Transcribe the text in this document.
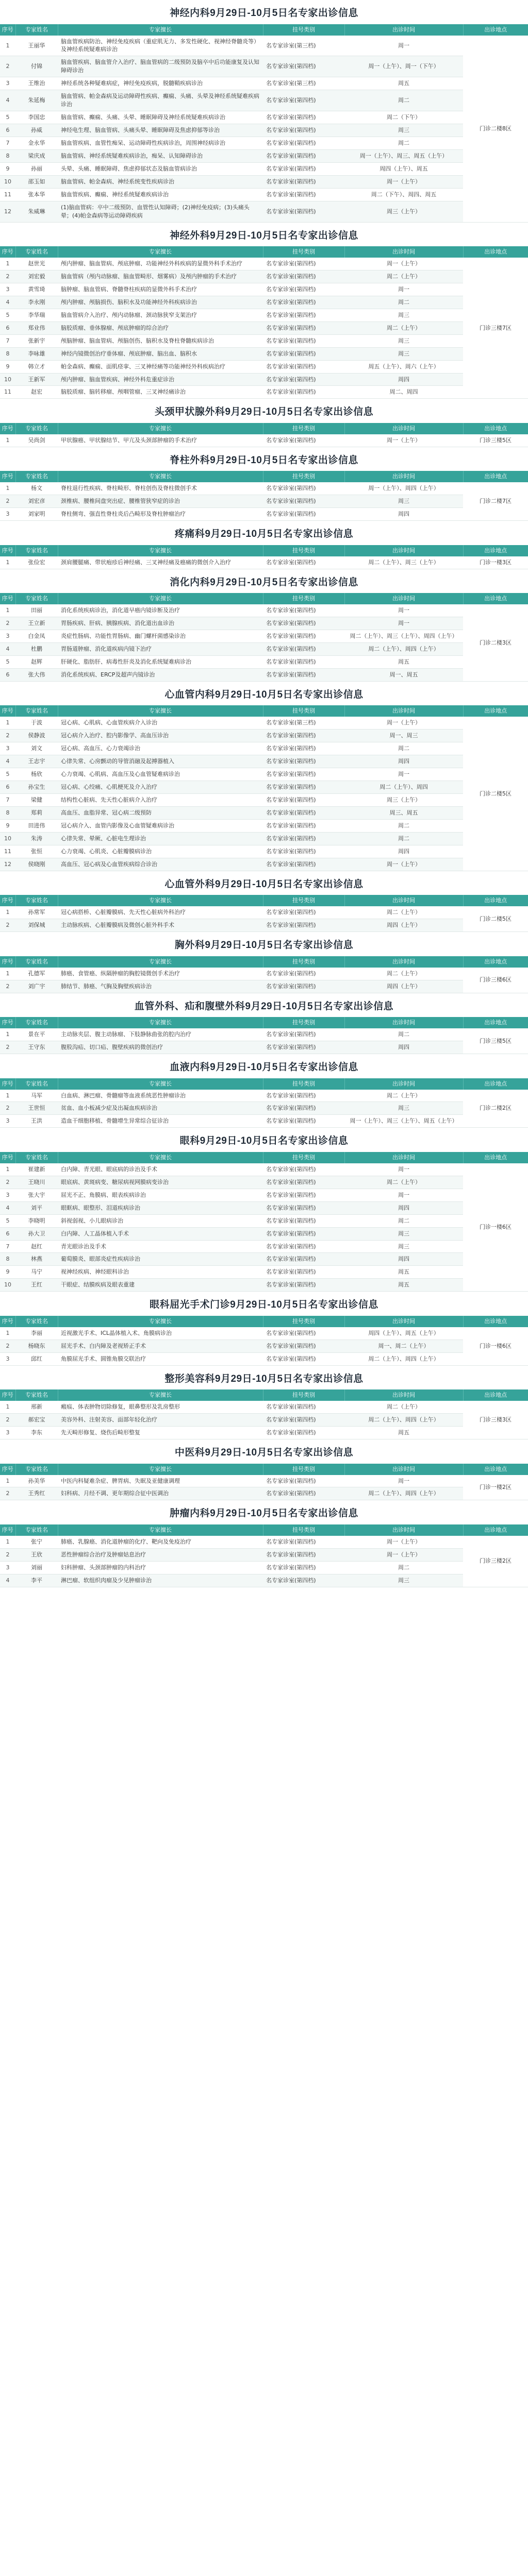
神经内科9月29日-10月5日名专家出诊信息
序号	专家姓名	专家擅长	挂号类别	出诊时间	出诊地点
1	王丽华	脑血管疾病防治、神经免疫疾病（重症肌无力、多发性硬化、视神经脊髓炎等）及神经系统疑难病诊治	名专家诊室(第三档)	周一	门诊二楼8区
2	付锦	脑血管疾病、脑血管介入治疗、脑血管病的二级预防及脑卒中后功能康复及认知障碍诊治	名专家诊室(第四档)	周一（上午）、周一（下午）	
3	王维治	神经系统各种疑难病症，神经免疫疾病，脱髓鞘疾病诊治	名专家诊室(第三档)	周五	
4	朱延梅	脑血管病、帕金森病及运动障碍性疾病、癫痫、头痛、头晕及神经系统疑难疾病诊治	名专家诊室(第四档)	周二	
5	李国忠	脑血管病、癫痫、头痛、头晕、睡眠障碍及神经系统疑难疾病诊治	名专家诊室(第四档)	周二（下午）	
6	孙威	神经电生理、脑血管病、头痛头晕、睡眠障碍及焦虑抑郁等诊治	名专家诊室(第四档)	周三	
7	金永华	脑血管疾病、血管性痴呆、运动障碍性疾病诊治，周围神经病诊治	名专家诊室(第四档)	周二	
8	梁庆成	脑血管病、神经系统疑难疾病诊治，痴呆、认知障碍诊治	名专家诊室(第四档)	周一（上午）、周三、周五（上午）	
9	孙丽	头晕、头痛、睡眠障碍、焦虑抑郁状态及脑血管病诊治	名专家诊室(第四档)	周四（上午）、周五	
10	邵玉如	脑血管病、帕金森病、神经系统变性疾病诊治	名专家诊室(第四档)	周一（上午）	
11	张本华	脑血管疾病、癫痫、神经系统疑难疾病诊治	名专家诊室(第四档)	周二（下午）、周四、周五	
12	朱威琳	(1)脑血管病：卒中二级预防、血管性认知障碍；(2)神经免疫病；(3)头痛头晕；(4)帕金森病等运动障碍疾病	名专家诊室(第四档)	周三（上午）	
神经外科9月29日-10月5日名专家出诊信息
序号	专家姓名	专家擅长	挂号类别	出诊时间	出诊地点
1	赵世光	颅内肿瘤、脑血管病、颅底肿瘤、功能神经外科疾病的显微外科手术治疗	名专家诊室(第四档)	周一（上午）	门诊三楼7区
2	刘宏毅	脑血管病（颅内动脉瘤、脑血管畸形、烟雾病）及颅内肿瘤的手术治疗	名专家诊室(第四档)	周二（上午）	
3	黄雪琦	脑肿瘤、脑血管病、脊髓脊柱疾病的显微外科手术治疗	名专家诊室(第四档)	周一	
4	李永刚	颅内肿瘤、颅脑损伤、脑积水及功能神经外科疾病诊治	名专家诊室(第四档)	周二	
5	李华瑞	脑血管病介入治疗、颅内动脉瘤、颈动脉狭窄支架治疗	名专家诊室(第四档)	周三	
6	郑业伟	脑胶质瘤、垂体腺瘤、颅底肿瘤的综合治疗	名专家诊室(第四档)	周二（上午）	
7	张新宇	颅脑肿瘤、脑血管病、颅脑创伤、脑积水及脊柱脊髓疾病诊治	名专家诊室(第四档)	周三	
8	李咏雄	神经内镜微创治疗垂体瘤、颅底肿瘤、脑出血、脑积水	名专家诊室(第四档)	周三	
9	韩立才	帕金森病、癫痫、面肌痉挛、三叉神经痛等功能神经外科疾病治疗	名专家诊室(第四档)	周五（上午）、周六（上午）	
10	王新军	颅内肿瘤、脑血管疾病、神经外科危重症诊治	名专家诊室(第四档)	周四	
11	赵宏	脑胶质瘤、脑转移瘤、颅咽管瘤、三叉神经痛诊治	名专家诊室(第四档)	周二、周四	
头颈甲状腺外科9月29日-10月5日名专家出诊信息
序号	专家姓名	专家擅长	挂号类别	出诊时间	出诊地点
1	吴尚剑	甲状腺癌、甲状腺结节、甲亢及头颈部肿瘤的手术治疗	名专家诊室(第四档)	周一（上午）	门诊三楼5区
脊柱外科9月29日-10月5日名专家出诊信息
序号	专家姓名	专家擅长	挂号类别	出诊时间	出诊地点
1	杨文	脊柱退行性疾病、脊柱畸形、脊柱创伤及脊柱微创手术	名专家诊室(第四档)	周一（上午）、周四（上午）	门诊二楼7区
2	刘宏彦	颈椎病、腰椎间盘突出症、腰椎管狭窄症的诊治	名专家诊室(第四档)	周三	
3	刘家明	脊柱侧弯、强直性脊柱炎后凸畸形及脊柱肿瘤治疗	名专家诊室(第四档)	周四	
疼痛科9月29日-10月5日名专家出诊信息
序号	专家姓名	专家擅长	挂号类别	出诊时间	出诊地点
1	张俭宏	颈肩腰腿痛、带状疱疹后神经痛、三叉神经痛及癌痛的微创介入治疗	名专家诊室(第四档)	周二（上午）、周三（上午）	门诊一楼3区
消化内科9月29日-10月5日名专家出诊信息
序号	专家姓名	专家擅长	挂号类别	出诊时间	出诊地点
1	田丽	消化系统疾病诊治，消化道早癌内镜诊断及治疗	名专家诊室(第四档)	周一	门诊二楼3区
2	王立新	胃肠疾病、肝病、胰腺疾病、消化道出血诊治	名专家诊室(第四档)	周一	
3	白金凤	炎症性肠病、功能性胃肠病、幽门螺杆菌感染诊治	名专家诊室(第四档)	周二（上午）、周三（上午）、周四（上午）	
4	杜鹏	胃肠道肿瘤、消化道疾病内镜下治疗	名专家诊室(第四档)	周二（上午）、周四（上午）	
5	赵辉	肝硬化、脂肪肝、病毒性肝炎及消化系统疑难病诊治	名专家诊室(第四档)	周五	
6	张大伟	消化系统疾病、ERCP及超声内镜诊治	名专家诊室(第四档)	周一、周五	
心血管内科9月29日-10月5日名专家出诊信息
序号	专家姓名	专家擅长	挂号类别	出诊时间	出诊地点
1	于波	冠心病、心肌病、心血管疾病介入诊治	名专家诊室(第三档)	周一（上午）	门诊二楼5区
2	侯静波	冠心病介入治疗、腔内影像学、高血压诊治	名专家诊室(第四档)	周一、周三	
3	刘文	冠心病、高血压、心力衰竭诊治	名专家诊室(第四档)	周二	
4	王志宇	心律失常、心房颤动的导管消融及起搏器植入	名专家诊室(第四档)	周四	
5	杨欣	心力衰竭、心肌病、高血压及心血管疑难病诊治	名专家诊室(第四档)	周一	
6	孙宝生	冠心病、心绞痛、心肌梗死及介入治疗	名专家诊室(第四档)	周二（上午）、周四	
7	梁健	结构性心脏病、先天性心脏病介入治疗	名专家诊室(第四档)	周三（上午）	
8	郑莉	高血压、血脂异常、冠心病二级预防	名专家诊室(第四档)	周三、周五	
9	田进伟	冠心病介入、血管内影像及心血管疑难病诊治	名专家诊室(第四档)	周二	
10	朱涛	心律失常、晕厥、心脏电生理诊治	名专家诊室(第四档)	周二	
11	张恒	心力衰竭、心肌炎、心脏瓣膜病诊治	名专家诊室(第四档)	周四	
12	侯晓刚	高血压、冠心病及心血管疾病综合诊治	名专家诊室(第四档)	周一（上午）	
心血管外科9月29日-10月5日名专家出诊信息
序号	专家姓名	专家擅长	挂号类别	出诊时间	出诊地点
1	孙常军	冠心病搭桥、心脏瓣膜病、先天性心脏病外科治疗	名专家诊室(第四档)	周二（上午）	门诊二楼5区
2	刘保城	主动脉疾病、心脏瓣膜病及微创心脏外科手术	名专家诊室(第四档)	周四（上午）	
胸外科9月29日-10月5日名专家出诊信息
序号	专家姓名	专家擅长	挂号类别	出诊时间	出诊地点
1	孔德军	肺癌、食管癌、纵隔肿瘤的胸腔镜微创手术治疗	名专家诊室(第四档)	周二（上午）	门诊三楼6区
2	刘广宇	肺结节、肺癌、气胸及胸壁疾病诊治	名专家诊室(第四档)	周四（上午）	
血管外科、疝和腹壁外科9月29日-10月5日名专家出诊信息
序号	专家姓名	专家擅长	挂号类别	出诊时间	出诊地点
1	景在平	主动脉夹层、腹主动脉瘤、下肢静脉曲张的腔内治疗	名专家诊室(第四档)	周二	门诊三楼5区
2	王守东	腹股沟疝、切口疝、腹壁疾病的微创治疗	名专家诊室(第四档)	周四	
血液内科9月29日-10月5日名专家出诊信息
序号	专家姓名	专家擅长	挂号类别	出诊时间	出诊地点
1	马军	白血病、淋巴瘤、骨髓瘤等血液系统恶性肿瘤诊治	名专家诊室(第四档)	周二（上午）	门诊二楼2区
2	王世恒	贫血、血小板减少症及出凝血疾病诊治	名专家诊室(第四档)	周三	
3	王洪	造血干细胞移植、骨髓增生异常综合征诊治	名专家诊室(第四档)	周一（上午）、周三（上午）、周五（上午）	
眼科9月29日-10月5日名专家出诊信息
序号	专家姓名	专家擅长	挂号类别	出诊时间	出诊地点
1	崔建新	白内障、青光眼、眼底病的诊治及手术	名专家诊室(第四档)	周一	门诊一楼6区
2	王晓川	眼底病、黄斑病变、糖尿病视网膜病变诊治	名专家诊室(第四档)	周二（上午）	
3	张大宇	屈光不正、角膜病、眼表疾病诊治	名专家诊室(第四档)	周一	
4	刘平	眼眶病、眼整形、泪道疾病诊治	名专家诊室(第四档)	周四	
5	李晓明	斜视弱视、小儿眼病诊治	名专家诊室(第四档)	周二	
6	孙大卫	白内障、人工晶体植入手术	名专家诊室(第四档)	周三	
7	赵红	青光眼诊治及手术	名专家诊室(第四档)	周三	
8	林燕	葡萄膜炎、眼部炎症性疾病诊治	名专家诊室(第四档)	周四	
9	马宁	视神经疾病、神经眼科诊治	名专家诊室(第四档)	周五	
10	王红	干眼症、结膜疾病及眼表重建	名专家诊室(第四档)	周五	
眼科屈光手术门诊9月29日-10月5日名专家出诊信息
序号	专家姓名	专家擅长	挂号类别	出诊时间	出诊地点
1	李丽	近视激光手术、ICL晶体植入术、角膜病诊治	名专家诊室(第四档)	周四（上午）、周五（上午）	门诊一楼6区
2	杨晓东	屈光手术、白内障及老视矫正手术	名专家诊室(第四档)	周一、周二（上午）	
3	邱红	角膜屈光手术、圆锥角膜交联治疗	名专家诊室(第四档)	周二（上午）、周四（上午）	
整形美容科9月29日-10月5日名专家出诊信息
序号	专家姓名	专家擅长	挂号类别	出诊时间	出诊地点
1	邢新	瘢痕、体表肿物切除修复，眼鼻整形及乳房整形	名专家诊室(第四档)	周二（上午）	门诊三楼3区
2	郝宏宝	美容外科、注射美容、面部年轻化治疗	名专家诊室(第四档)	周二（上午）、周四（上午）	
3	李东	先天畸形修复、烧伤后畸形整复	名专家诊室(第四档)	周五	
中医科9月29日-10月5日名专家出诊信息
序号	专家姓名	专家擅长	挂号类别	出诊时间	出诊地点
1	孙美华	中医内科疑难杂症、脾胃病、失眠及亚健康调理	名专家诊室(第四档)	周一	门诊一楼2区
2	王秀红	妇科病、月经不调、更年期综合征中医调治	名专家诊室(第四档)	周二（上午）、周四（上午）	
肿瘤内科9月29日-10月5日名专家出诊信息
序号	专家姓名	专家擅长	挂号类别	出诊时间	出诊地点
1	张宁	肺癌、乳腺癌、消化道肿瘤的化疗、靶向及免疫治疗	名专家诊室(第四档)	周一（上午）	门诊三楼2区
2	王欣	恶性肿瘤综合治疗及肿瘤姑息治疗	名专家诊室(第四档)	周一（上午）	
3	刘丽	妇科肿瘤、头颈部肿瘤的内科治疗	名专家诊室(第四档)	周二	
4	李平	淋巴瘤、软组织肉瘤及少见肿瘤诊治	名专家诊室(第四档)	周三	
